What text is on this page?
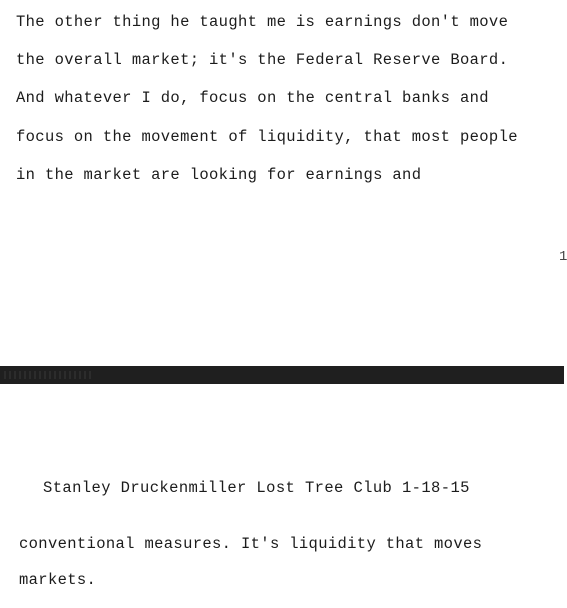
The other thing he taught me is earnings don't move

the overall market; it's the Federal Reserve Board.

And whatever I do, focus on the central banks and

focus on the movement of liquidity, that most people

in the market are looking for earnings and

1

Stanley Druckenmiller Lost Tree Club 1-18-15

conventional measures. It's liquidity that moves

markets.
